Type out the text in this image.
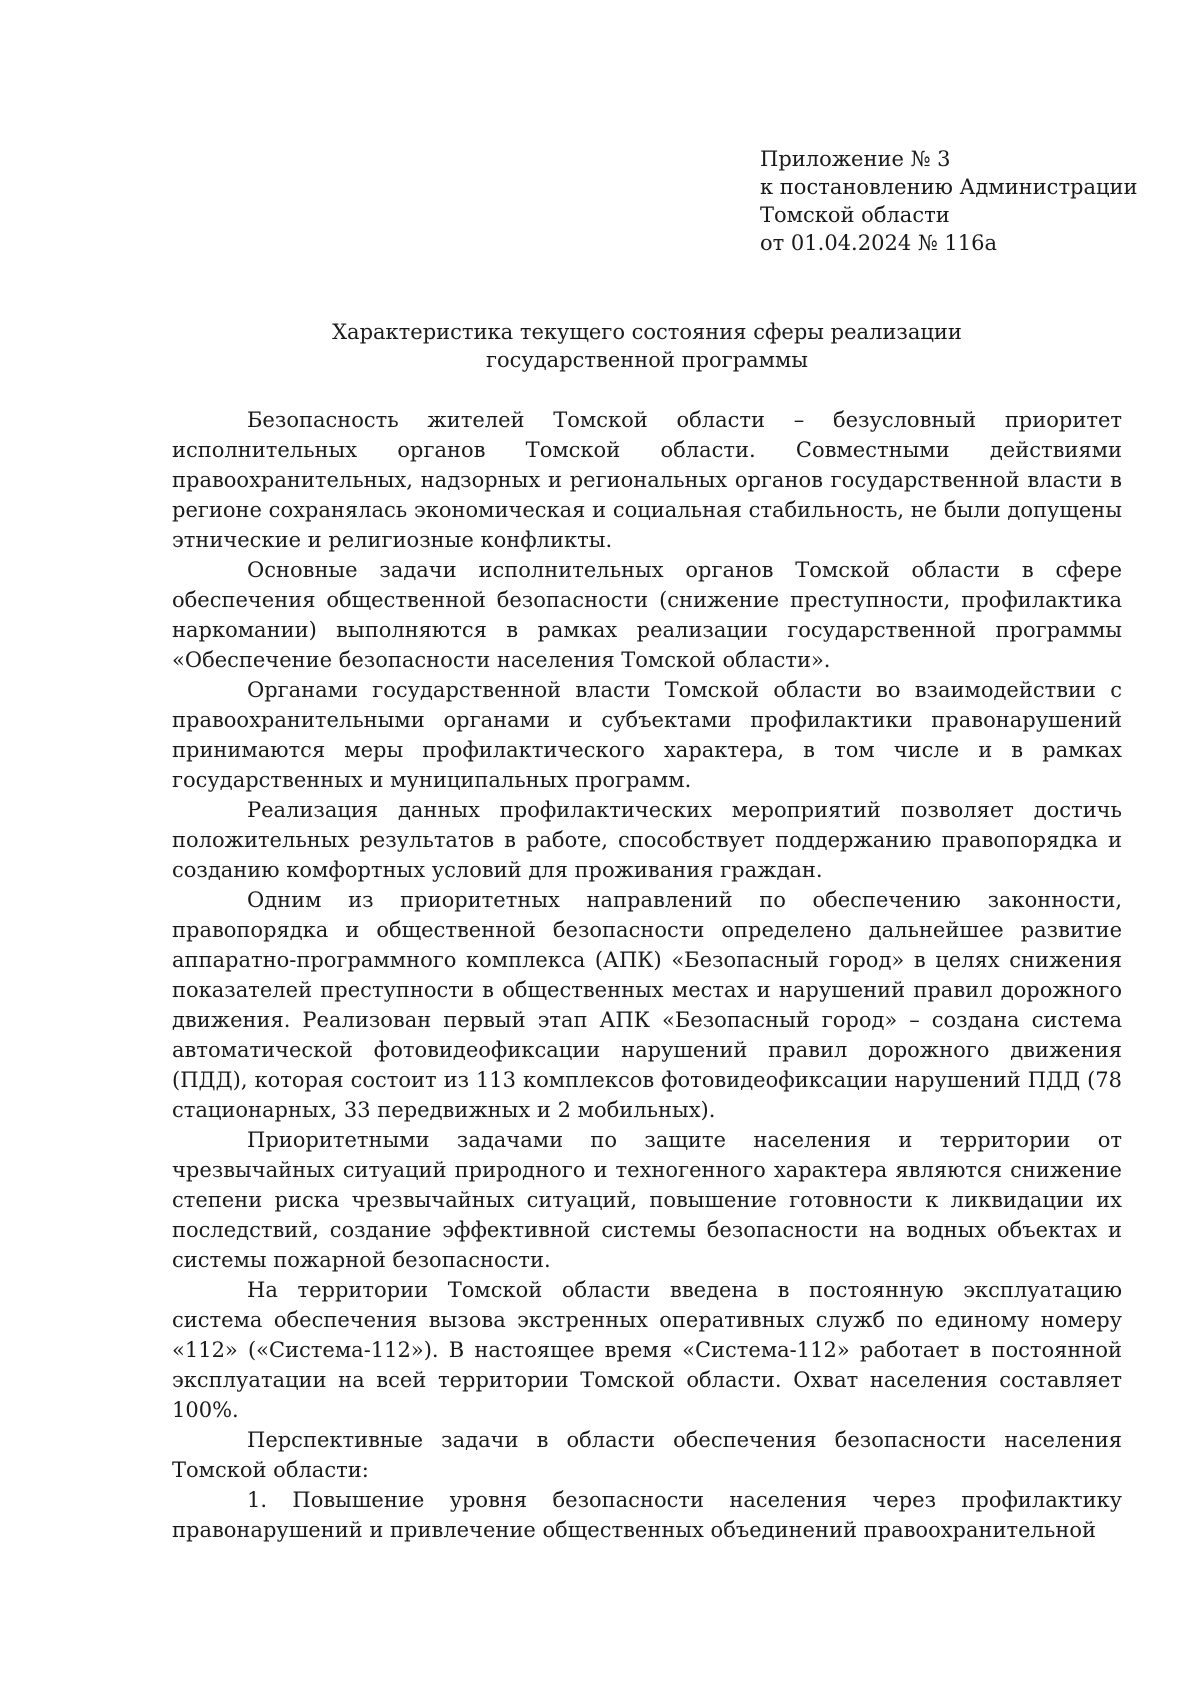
Приложение № 3
к постановлению Администрации
Томской области
от 01.04.2024 № 116а
Характеристика текущего состояния сферы реализации
государственной программы

Безопасность жителей Томской области – безусловный приоритет исполнительных органов Томской области. Совместными действиями правоохранительных, надзорных и региональных органов государственной власти в регионе сохранялась экономическая и социальная стабильность, не были допущены этнические и религиозные конфликты.

Основные задачи исполнительных органов Томской области в сфере обеспечения общественной безопасности (снижение преступности, профилактика наркомании) выполняются в рамках реализации государственной программы «Обеспечение безопасности населения Томской области».

Органами государственной власти Томской области во взаимодействии с правоохранительными органами и субъектами профилактики правонарушений принимаются меры профилактического характера, в том числе и в рамках государственных и муниципальных программ.

Реализация данных профилактических мероприятий позволяет достичь положительных результатов в работе, способствует поддержанию правопорядка и созданию комфортных условий для проживания граждан.

Одним из приоритетных направлений по обеспечению законности, правопорядка и общественной безопасности определено дальнейшее развитие аппаратно-программного комплекса (АПК) «Безопасный город» в целях снижения показателей преступности в общественных местах и нарушений правил дорожного движения. Реализован первый этап АПК «Безопасный город» – создана система автоматической фотовидеофиксации нарушений правил дорожного движения (ПДД), которая состоит из 113 комплексов фотовидеофиксации нарушений ПДД (78 стационарных, 33 передвижных и 2 мобильных).

Приоритетными задачами по защите населения и территории от чрезвычайных ситуаций природного и техногенного характера являются снижение степени риска чрезвычайных ситуаций, повышение готовности к ликвидации их последствий, создание эффективной системы безопасности на водных объектах и системы пожарной безопасности.

На территории Томской области введена в постоянную эксплуатацию система обеспечения вызова экстренных оперативных служб по единому номеру «112» («Система-112»). В настоящее время «Система-112» работает в постоянной эксплуатации на всей территории Томской области. Охват населения составляет 100%.

Перспективные задачи в области обеспечения безопасности населения Томской области:

1. Повышение уровня безопасности населения через профилактику правонарушений и привлечение общественных объединений правоохранительной
